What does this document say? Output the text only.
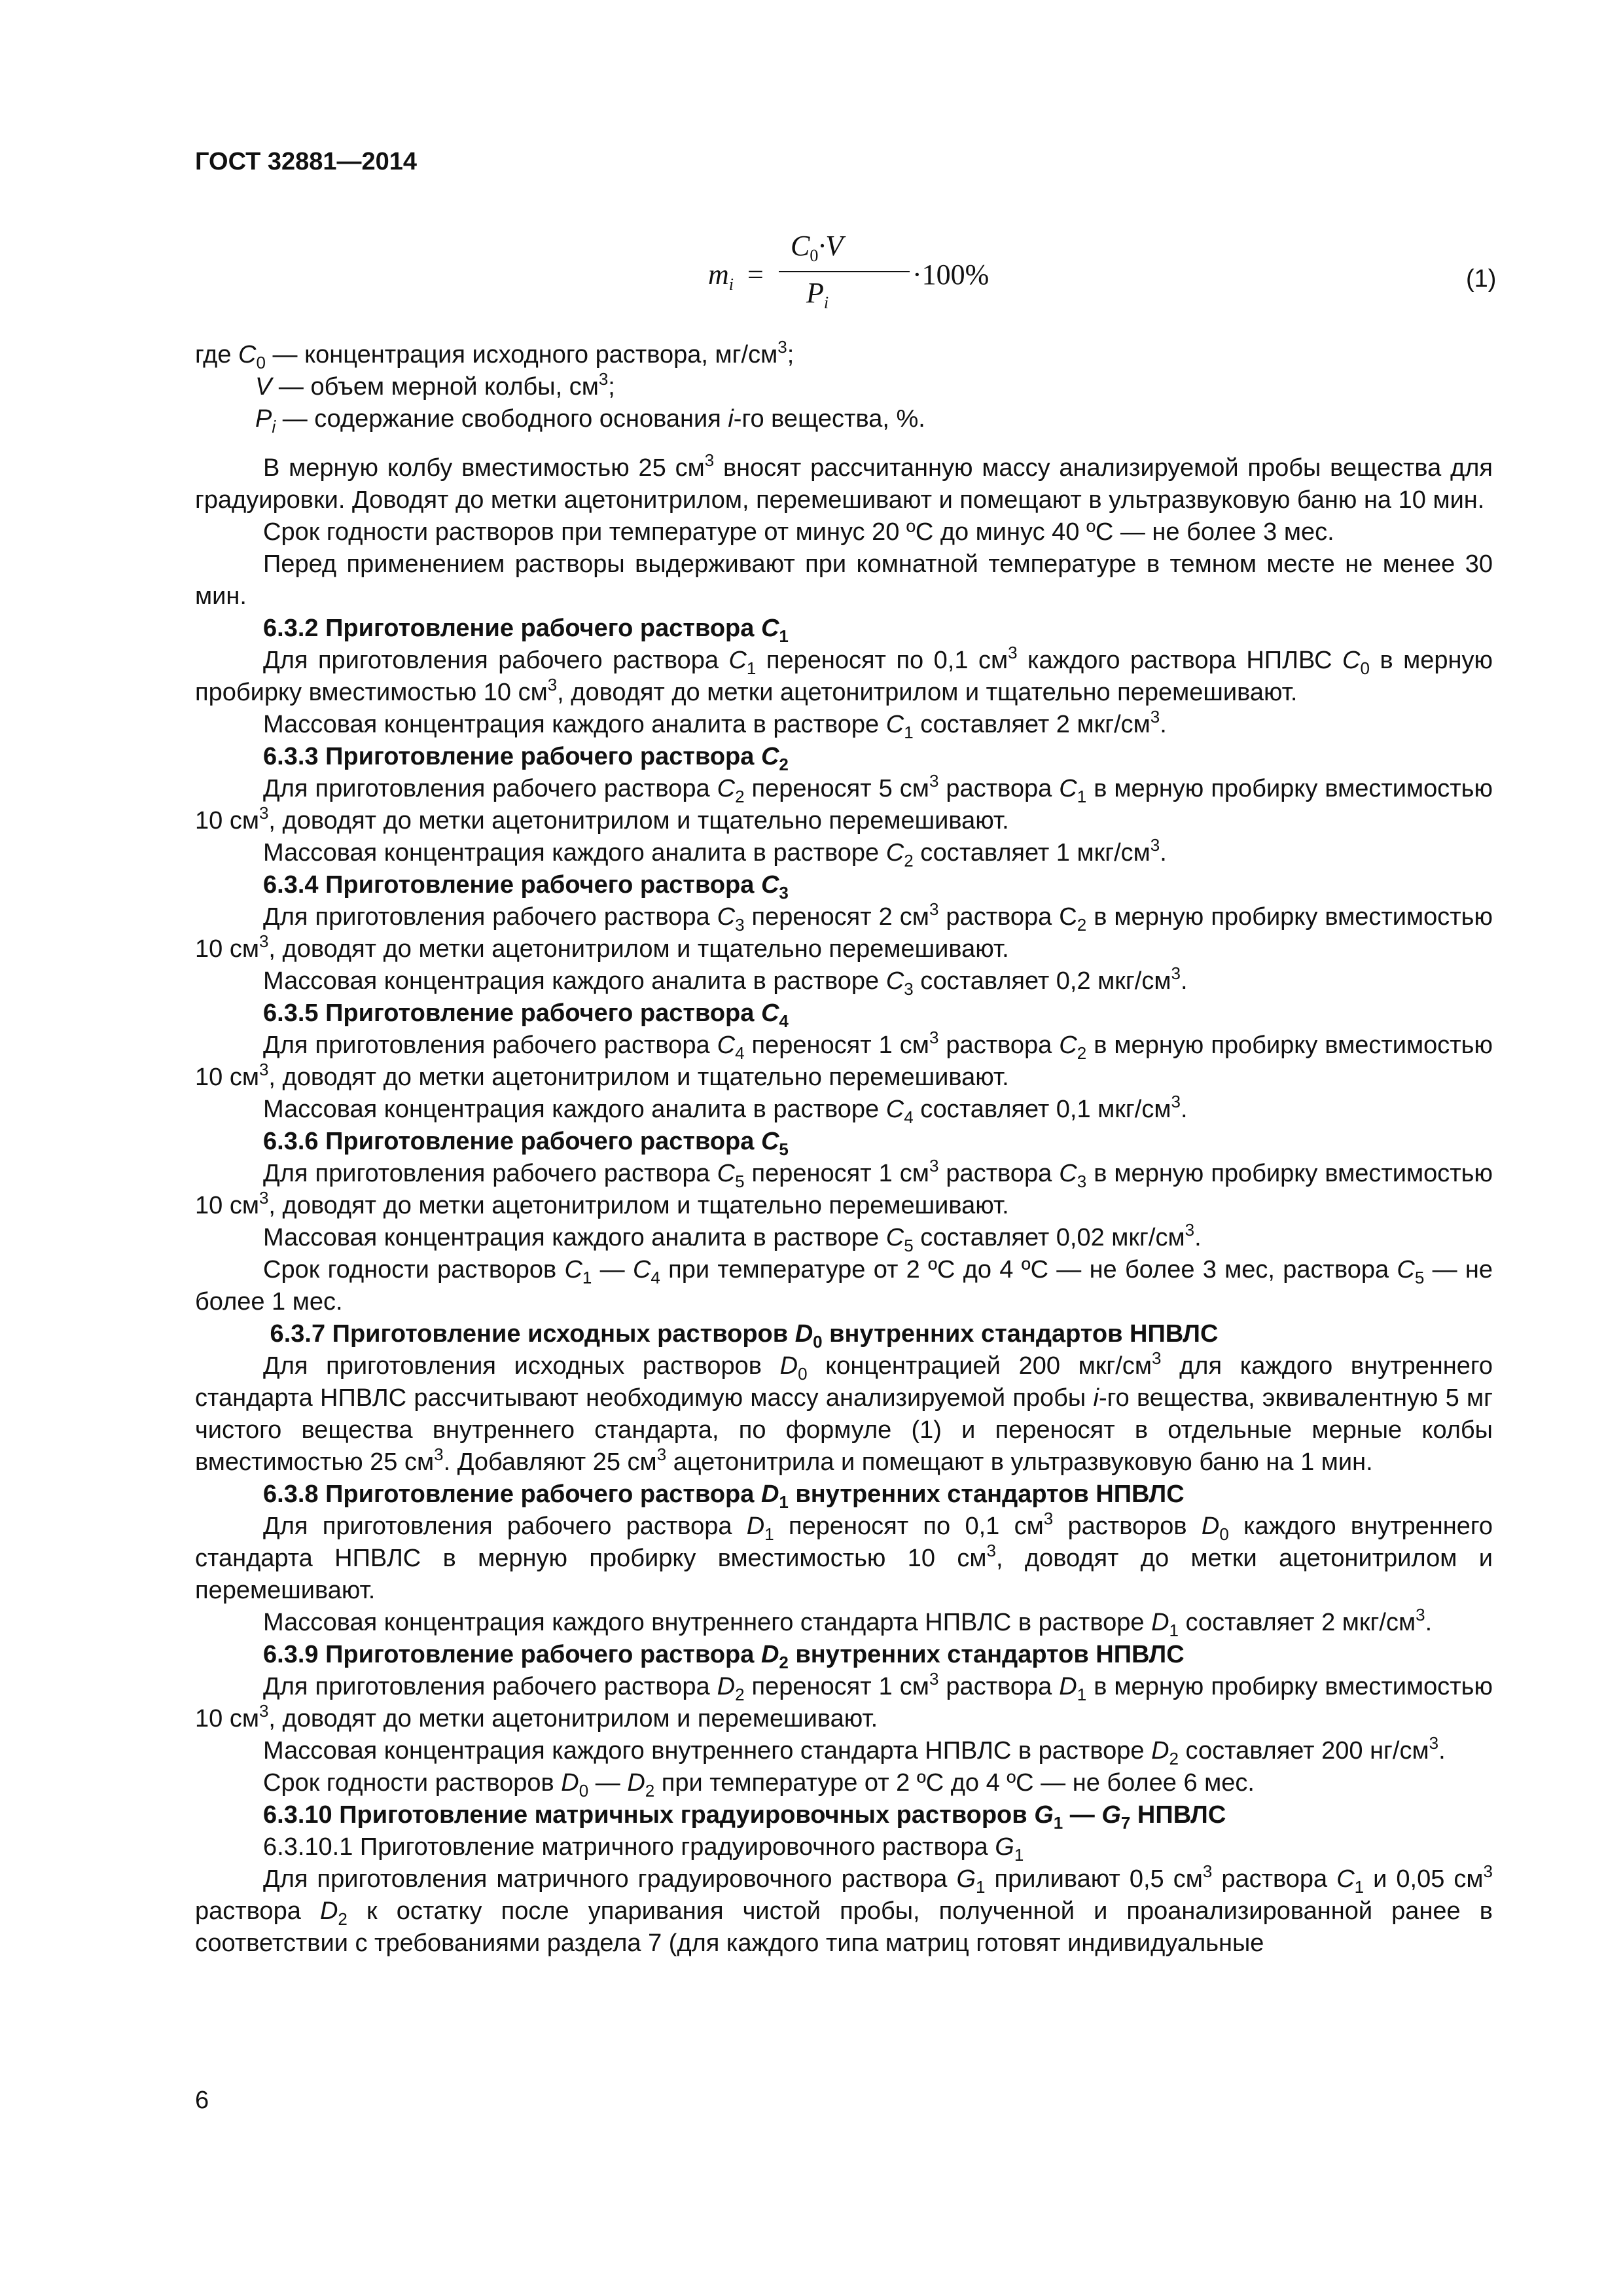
ГОСТ 32881—2014
$m_i$ =
$C_0\cdot V$
$P_i$
·100%	(1)

где $C_0$ — концентрация исходного раствора, $мг/см^3$;

V — объем мерной колбы, $см^3$;

$P_i$ — содержание свободного основания i-го вещества, %.

В мерную колбу вместимостью 25 $см^3$ вносят рассчитанную массу анализируемой пробы вещества для градуировки. Доводят до метки ацетонитрилом, перемешивают и помещают в ультразвуковую баню на 10 мин.

Срок годности растворов при температуре от минус 20 ºС до минус 40 ºС — не более 3 мес.

Перед применением растворы выдерживают при комнатной температуре в темном месте не менее 30 мин.

6.3.2 Приготовление рабочего раствора $C_1$

Для приготовления рабочего раствора $C_1$ переносят по 0,1 $см^3$ каждого раствора НПЛВС $C_0$ в мерную пробирку вместимостью 10 $см^3$, доводят до метки ацетонитрилом и тщательно перемешивают.

Массовая концентрация каждого аналита в растворе $C_1$ составляет 2 мкг/$см^3$.

6.3.3 Приготовление рабочего раствора $C_2$

Для приготовления рабочего раствора $C_2$ переносят 5 $см^3$ раствора $C_1$ в мерную пробирку вместимостью 10 $см^3$, доводят до метки ацетонитрилом и тщательно перемешивают.

Массовая концентрация каждого аналита в растворе $C_2$ составляет 1 мкг/$см^3$.

6.3.4 Приготовление рабочего раствора $C_3$

Для приготовления рабочего раствора $C_3$ переносят 2 $см^3$ раствора $С_2$ в мерную пробирку вместимостью 10 $см^3$, доводят до метки ацетонитрилом и тщательно перемешивают.

Массовая концентрация каждого аналита в растворе $C_3$ составляет 0,2 мкг/$см^3$.

6.3.5 Приготовление рабочего раствора $C_4$

Для приготовления рабочего раствора $C_4$ переносят 1 $см^3$ раствора $C_2$ в мерную пробирку вместимостью 10 $см^3$, доводят до метки ацетонитрилом и тщательно перемешивают.

Массовая концентрация каждого аналита в растворе $C_4$ составляет 0,1 мкг/$см^3$.

6.3.6 Приготовление рабочего раствора $C_5$

Для приготовления рабочего раствора $C_5$ переносят 1 $см^3$ раствора $C_3$ в мерную пробирку вместимостью 10 $см^3$, доводят до метки ацетонитрилом и тщательно перемешивают.

Массовая концентрация каждого аналита в растворе $C_5$ составляет 0,02 мкг/$см^3$.

Срок годности растворов $C_1$ — $C_4$ при температуре от 2 ºС до 4 ºС — не более 3 мес, раствора $C_5$ — не более 1 мес.

6.3.7 Приготовление исходных растворов $D_0$ внутренних стандартов НПВЛС

Для приготовления исходных растворов $D_0$ концентрацией 200 мкг/$см^3$ для каждого внутреннего стандарта НПВЛС рассчитывают необходимую массу анализируемой пробы i-го вещества, эквивалентную 5 мг чистого вещества внутреннего стандарта, по формуле (1) и переносят в отдельные мерные колбы вместимостью 25 $см^3$. Добавляют 25 $см^3$ ацетонитрила и помещают в ультразвуковую баню на 1 мин.

6.3.8 Приготовление рабочего раствора $D_1$ внутренних стандартов НПВЛС

Для приготовления рабочего раствора $D_1$ переносят по 0,1 $см^3$ растворов $D_0$ каждого внутреннего стандарта НПВЛС в мерную пробирку вместимостью 10 $см^3$, доводят до метки ацетонитрилом и перемешивают.

Массовая концентрация каждого внутреннего стандарта НПВЛС в растворе $D_1$ составляет 2 мкг/$см^3$.

6.3.9 Приготовление рабочего раствора $D_2$ внутренних стандартов НПВЛС

Для приготовления рабочего раствора $D_2$ переносят 1 $см^3$ раствора $D_1$ в мерную пробирку вместимостью 10 $см^3$, доводят до метки ацетонитрилом и перемешивают.

Массовая концентрация каждого внутреннего стандарта НПВЛС в растворе $D_2$ составляет 200 $нг/см^3$.

Срок годности растворов $D_0$ — $D_2$ при температуре от 2 ºС до 4 ºС — не более 6 мес.

6.3.10 Приготовление матричных градуировочных растворов $G_1$ — $G_7$ НПВЛС

6.3.10.1 Приготовление матричного градуировочного раствора $G_1$

Для приготовления матричного градуировочного раствора $G_1$ приливают 0,5 $см^3$ раствора $C_1$ и 0,05 $см^3$ раствора $D_2$ к остатку после упаривания чистой пробы, полученной и проанализированной ранее в соответствии с требованиями раздела 7 (для каждого типа матриц готовят индивидуальные

6
